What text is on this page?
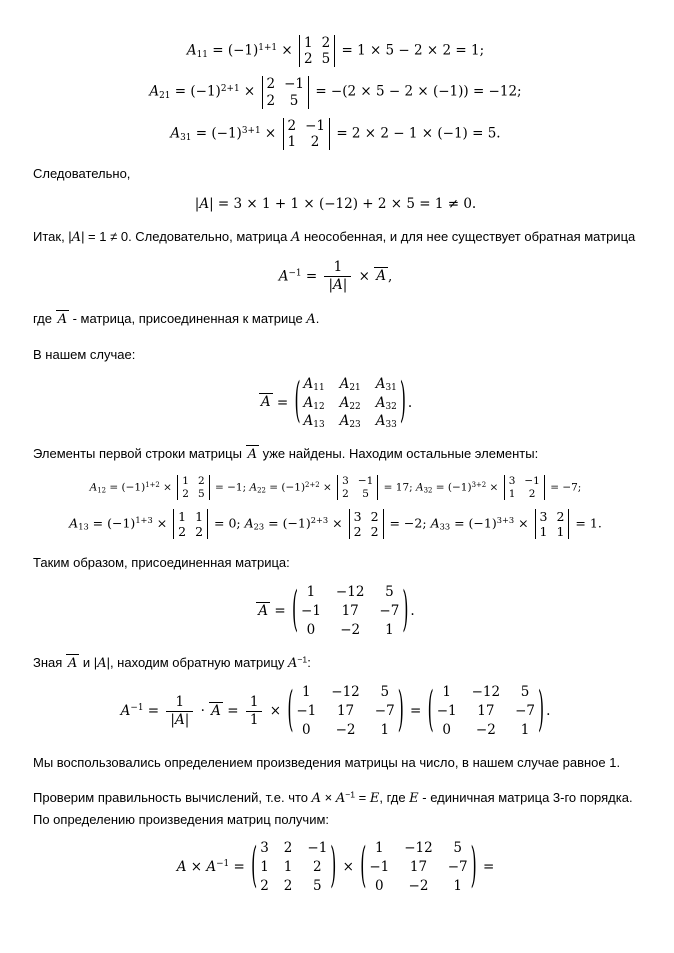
$A_{11} = (-1)^{1+1} \times 1$ 2
2 5
= 1 × 5 − 2 × 2 = 1;
$A_{21} = (-1)^{2+1} \times 2 -1$
2 5
= −(2 × 5 − 2 × (−1)) = −12;
$A_{31} = (-1)^{3+1} \times 2 -1$
1 2
= 2 × 2 − 1 × (−1) = 5.
Следовательно,
|A| = 3 × 1 + 1 × (−12) + 2 × 5 = 1 ≠ 0.
Итак, |A| = 1 ≠ 0. Следовательно, матрица A неособенная, и для нее существует обратная матрица
$A^{-1} = \frac{1}{|A|} \times A$ ,
где A - матрица, присоединенная к матрице A.
В нашем случае:
A = ( $A_{11}$ $A_{21}$ $A_{31}$
$A_{12}$ $A_{22}$ $A_{32}$
$A_{13}$ $A_{23}$ $A_{33}$ ) .
Элементы первой строки матрицы A уже найдены. Находим остальные элементы:
$A_{12} = (-1)^{1+2}$ ×
1 2
2 5 = −1; $A_{22} = (-1)^{2+2}$ ×
3 −1
2 5 = 17; $A_{32} = (-1)^{3+2}$ ×
3 −1
1 2 = −7;
$A_{13} = (-1)^{1+3} \times 1$ 1
2 2
= 0; $A_{23} = (-1)^{2+3} \times 3$ 2
2 2
= −2; $A_{33} = (-1)^{3+3} \times 3$ 2
1 1
= 1.
Таким образом, присоединенная матрица:
A = ( 1 −12 5
−1 17 −7
0 −2 1 ) .
Зная A и |A|, находим обратную матрицу $A^{-1}$:
$A^{-1} = \frac{1}{|A|} \cdot A = \frac{1}{1}$ × ( 1 −12 5
−1 17 −7
0 −2 1 ) = ( 1 −12 5
−1 17 −7
0 −2 1 ) .
Мы воспользовались определением произведения матрицы на число, в нашем случае равное 1.
Проверим правильность вычислений, т.е. что $A \times A^{-1} = E$, где E - единичная матрица 3-го порядка. По определению произведения матриц получим:
$A \times A^{-1}$ = ( 3 2 −1
1 1 2
2 2 5 ) × ( 1 −12 5
−1 17 −7
0 −2 1 ) =
